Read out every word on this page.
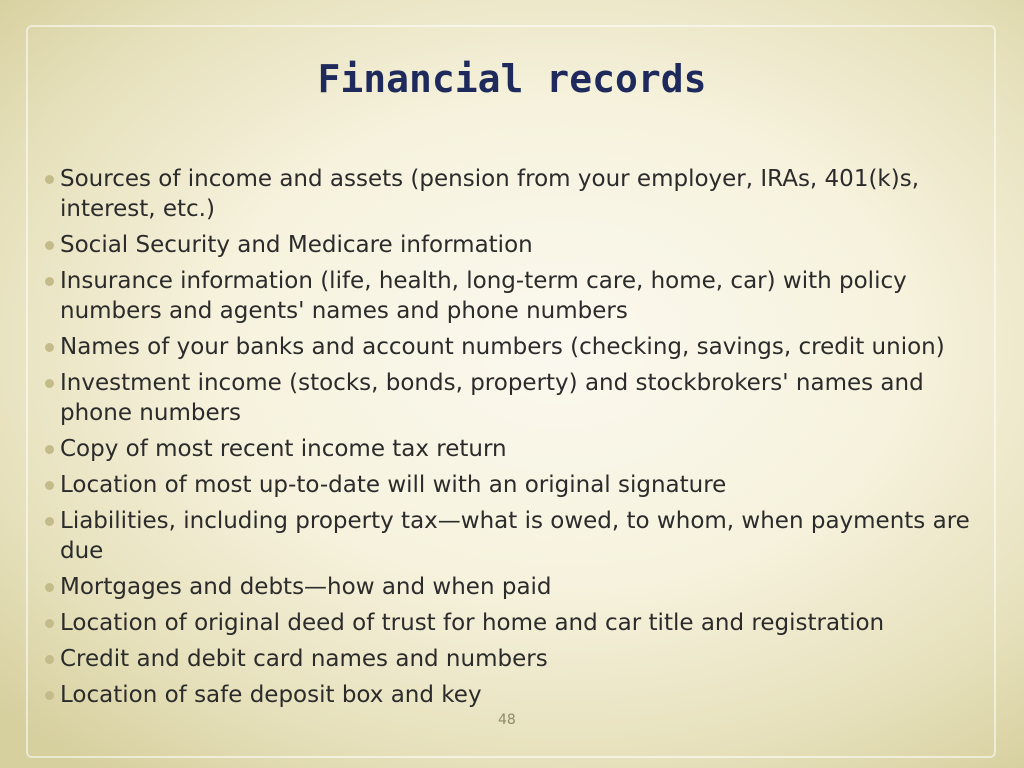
Financial records
Sources of income and assets (pension from your employer, IRAs, 401(k)s, interest, etc.)
Social Security and Medicare information
Insurance information (life, health, long-term care, home, car) with policy numbers and agents' names and phone numbers
Names of your banks and account numbers (checking, savings, credit union)
Investment income (stocks, bonds, property) and stockbrokers' names and phone numbers
Copy of most recent income tax return
Location of most up-to-date will with an original signature
Liabilities, including property tax—what is owed, to whom, when payments are due
Mortgages and debts—how and when paid
Location of original deed of trust for home and car title and registration
Credit and debit card names and numbers
Location of safe deposit box and key
48
